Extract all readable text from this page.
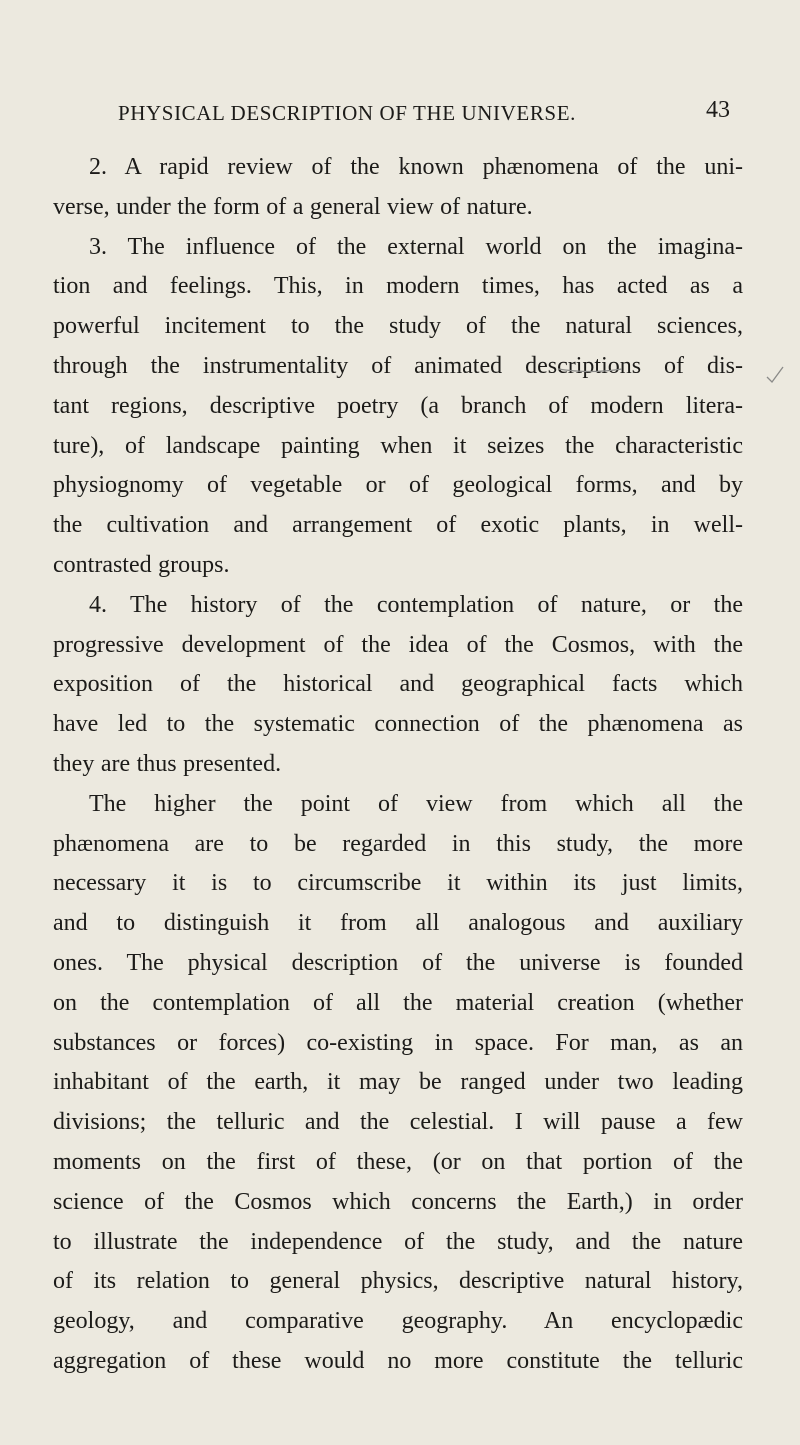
PHYSICAL DESCRIPTION OF THE UNIVERSE.	43
2. A rapid review of the known phænomena of the uni-
verse, under the form of a general view of nature.
3. The influence of the external world on the imagina-
tion and feelings. This, in modern times, has acted as a
powerful incitement to the study of the natural sciences,
through the instrumentality of animated descriptions of dis-
tant regions, descriptive poetry (a branch of modern litera-
ture), of landscape painting when it seizes the characteristic
physiognomy of vegetable or of geological forms, and by
the cultivation and arrangement of exotic plants, in well-
contrasted groups.
4. The history of the contemplation of nature, or the
progressive development of the idea of the Cosmos, with the
exposition of the historical and geographical facts which
have led to the systematic connection of the phænomena as
they are thus presented.
The higher the point of view from which all the
phænomena are to be regarded in this study, the more
necessary it is to circumscribe it within its just limits,
and to distinguish it from all analogous and auxiliary
ones. The physical description of the universe is founded
on the contemplation of all the material creation (whether
substances or forces) co-existing in space. For man, as an
inhabitant of the earth, it may be ranged under two leading
divisions; the telluric and the celestial. I will pause a few
moments on the first of these, (or on that portion of the
science of the Cosmos which concerns the Earth,) in order
to illustrate the independence of the study, and the nature
of its relation to general physics, descriptive natural history,
geology, and comparative geography. An encyclopædic
aggregation of these would no more constitute the telluric
